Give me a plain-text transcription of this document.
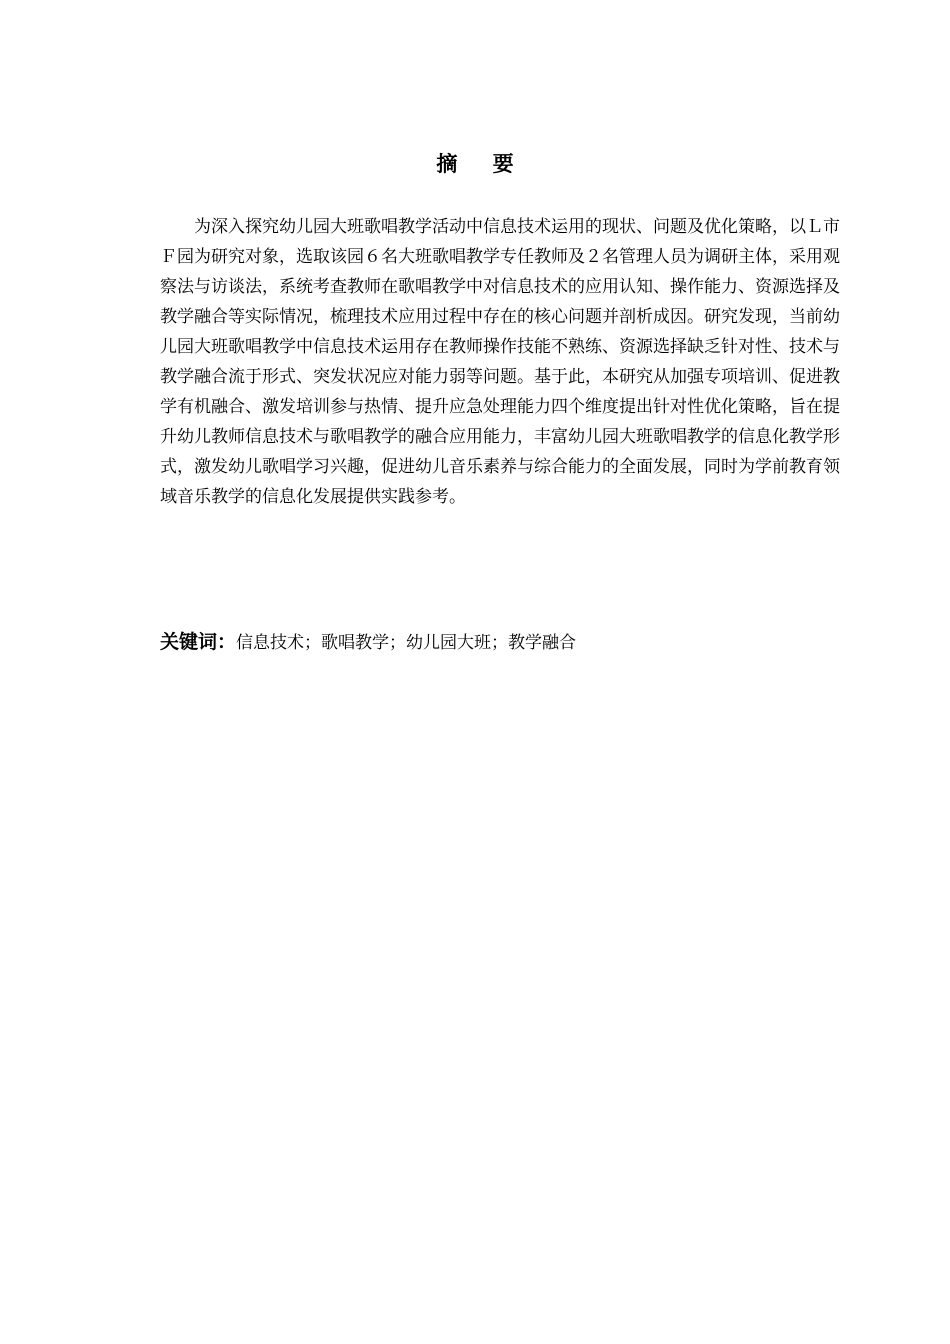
摘 要

为深入探究幼儿园大班歌唱教学活动中信息技术运用的现状、问题及优化策略，以Ｌ市Ｆ园为研究对象，选取该园６名大班歌唱教学专任教师及２名管理人员为调研主体，采用观察法与访谈法，系统考查教师在歌唱教学中对信息技术的应用认知、操作能力、资源选择及教学融合等实际情况，梳理技术应用过程中存在的核心问题并剖析成因。研究发现，当前幼儿园大班歌唱教学中信息技术运用存在教师操作技能不熟练、资源选择缺乏针对性、技术与教学融合流于形式、突发状况应对能力弱等问题。基于此，本研究从加强专项培训、促进教学有机融合、激发培训参与热情、提升应急处理能力四个维度提出针对性优化策略，旨在提升幼儿教师信息技术与歌唱教学的融合应用能力，丰富幼儿园大班歌唱教学的信息化教学形式，激发幼儿歌唱学习兴趣，促进幼儿音乐素养与综合能力的全面发展，同时为学前教育领域音乐教学的信息化发展提供实践参考。

关键词：信息技术；歌唱教学；幼儿园大班；教学融合
